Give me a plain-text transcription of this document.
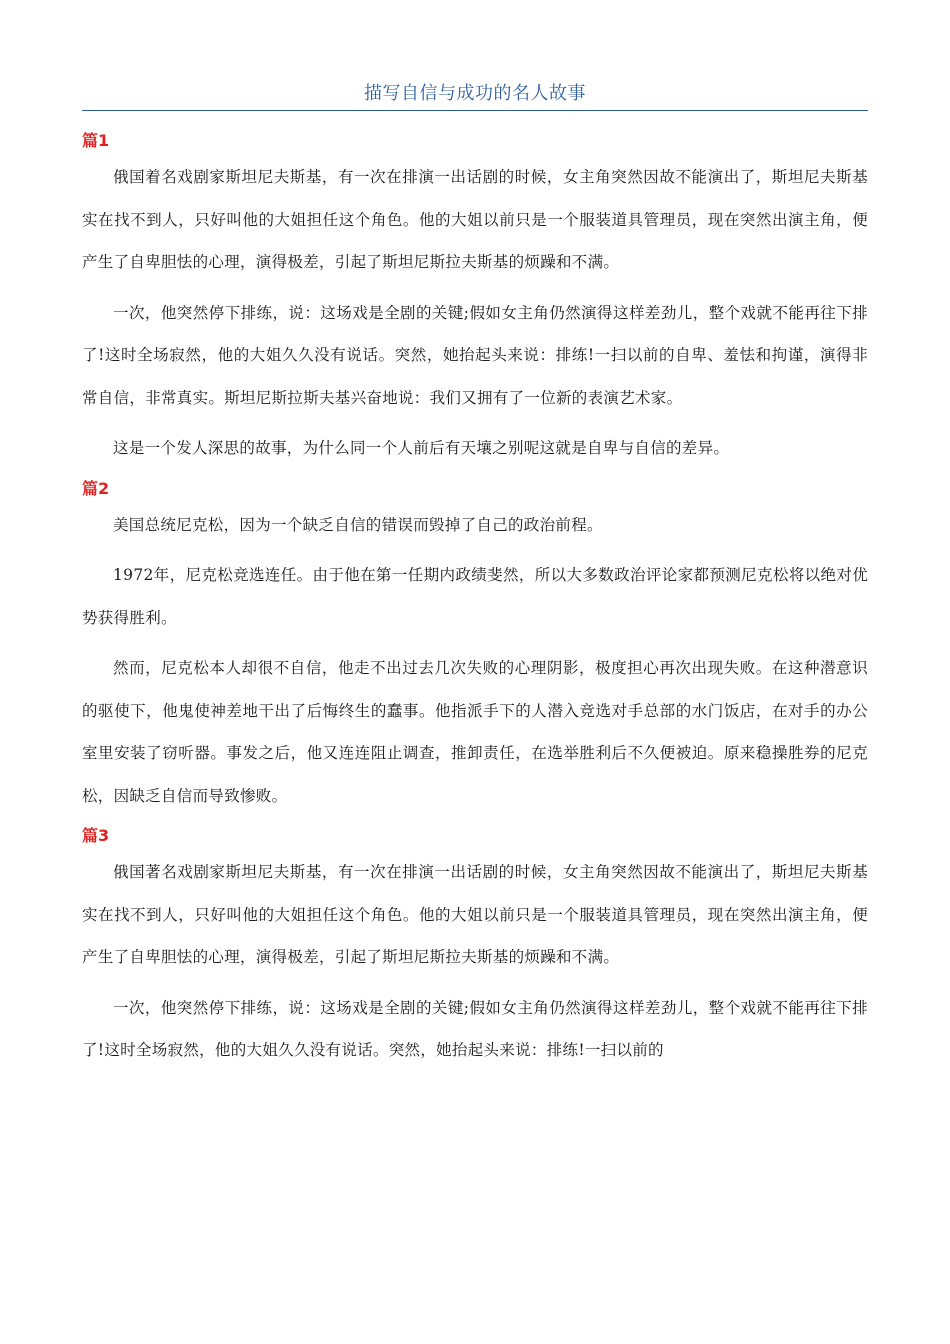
描写自信与成功的名人故事
篇1

俄国着名戏剧家斯坦尼夫斯基，有一次在排演一出话剧的时候，女主角突然因故不能演出了，斯坦尼夫斯基实在找不到人，只好叫他的大姐担任这个角色。他的大姐以前只是一个服装道具管理员，现在突然出演主角，便产生了自卑胆怯的心理，演得极差，引起了斯坦尼斯拉夫斯基的烦躁和不满。

一次，他突然停下排练，说：这场戏是全剧的关键;假如女主角仍然演得这样差劲儿，整个戏就不能再往下排了!这时全场寂然，他的大姐久久没有说话。突然，她抬起头来说：排练!一扫以前的自卑、羞怯和拘谨，演得非常自信，非常真实。斯坦尼斯拉斯夫基兴奋地说：我们又拥有了一位新的表演艺术家。

这是一个发人深思的故事，为什么同一个人前后有天壤之别呢这就是自卑与自信的差异。

篇2

美国总统尼克松，因为一个缺乏自信的错误而毁掉了自己的政治前程。

1972年，尼克松竞选连任。由于他在第一任期内政绩斐然，所以大多数政治评论家都预测尼克松将以绝对优势获得胜利。

然而，尼克松本人却很不自信，他走不出过去几次失败的心理阴影，极度担心再次出现失败。在这种潜意识的驱使下，他鬼使神差地干出了后悔终生的蠢事。他指派手下的人潜入竞选对手总部的水门饭店，在对手的办公室里安装了窃听器。事发之后，他又连连阻止调查，推卸责任，在选举胜利后不久便被迫。原来稳操胜券的尼克松，因缺乏自信而导致惨败。

篇3

俄国著名戏剧家斯坦尼夫斯基，有一次在排演一出话剧的时候，女主角突然因故不能演出了，斯坦尼夫斯基实在找不到人，只好叫他的大姐担任这个角色。他的大姐以前只是一个服装道具管理员，现在突然出演主角，便产生了自卑胆怯的心理，演得极差，引起了斯坦尼斯拉夫斯基的烦躁和不满。

一次，他突然停下排练，说：这场戏是全剧的关键;假如女主角仍然演得这样差劲儿，整个戏就不能再往下排了!这时全场寂然，他的大姐久久没有说话。突然，她抬起头来说：排练!一扫以前的
